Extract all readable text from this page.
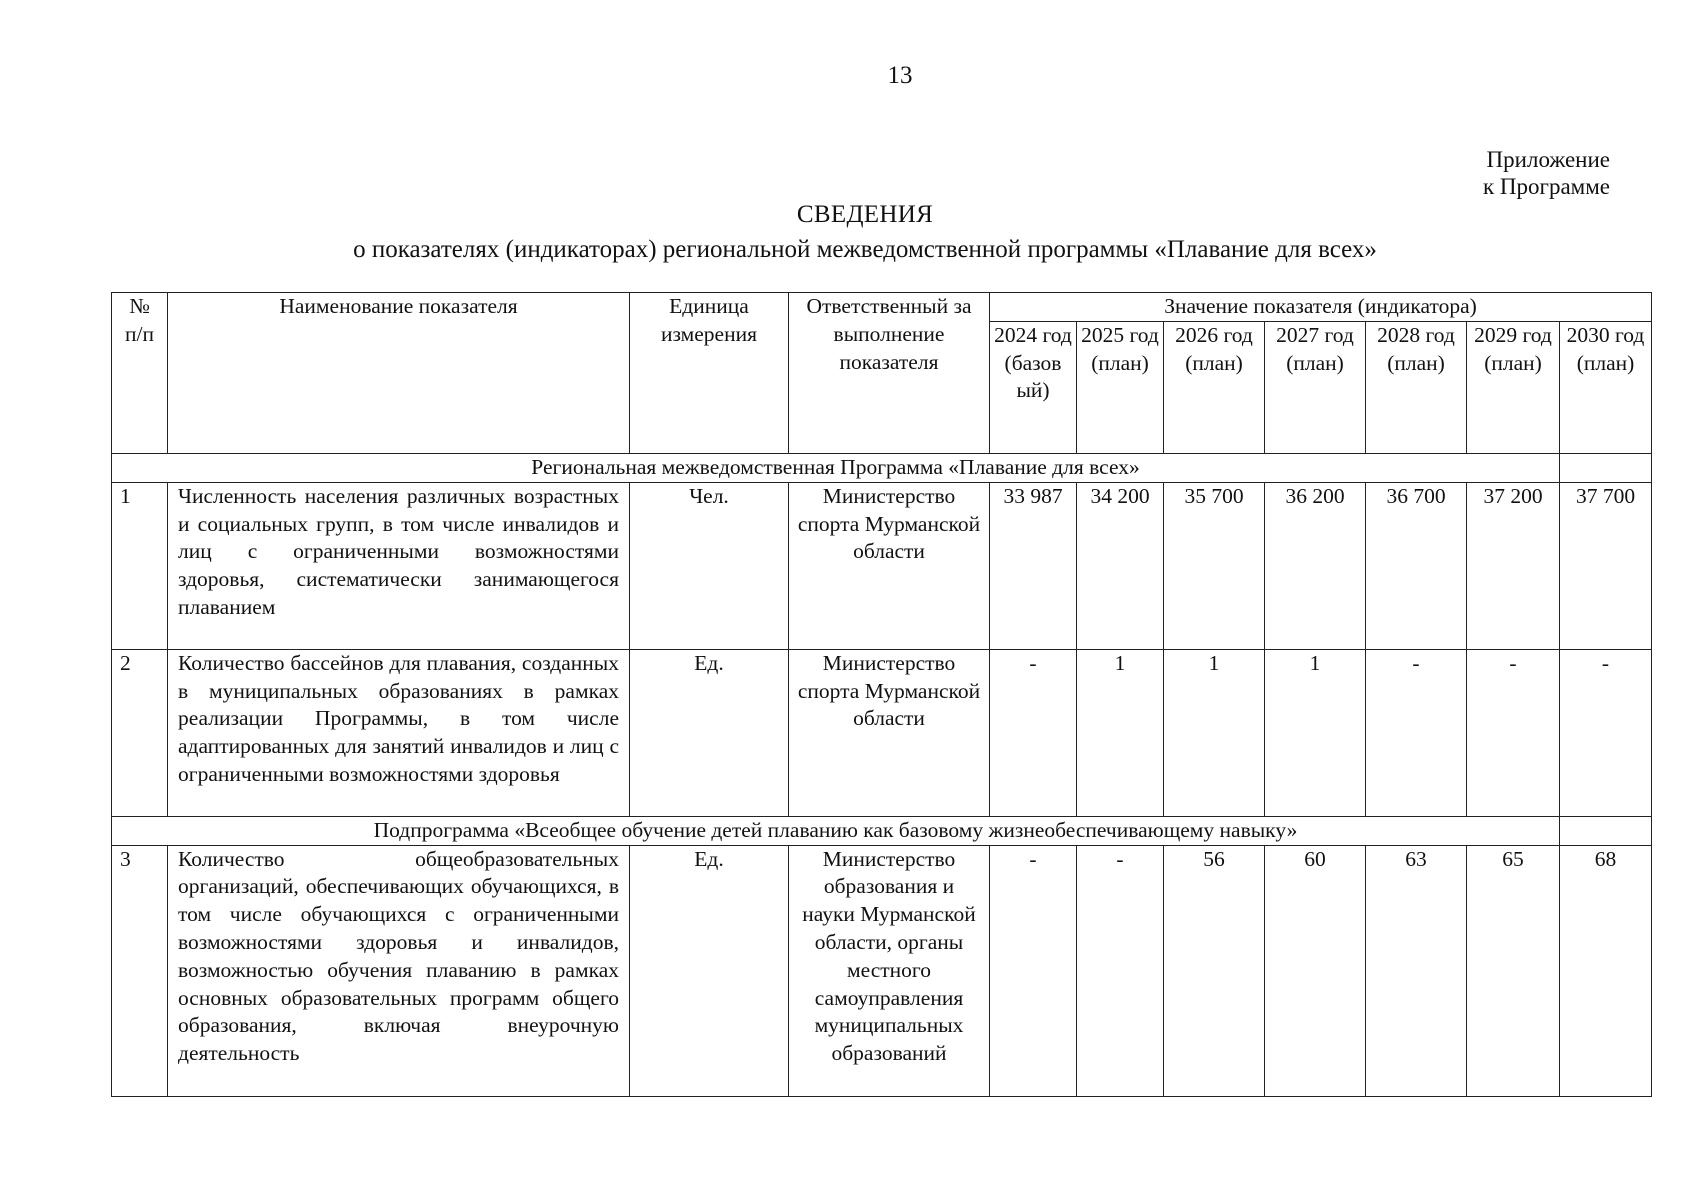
13
Приложение
к Программе
СВЕДЕНИЯ
о показателях (индикаторах) региональной межведомственной программы «Плавание для всех»
№ п/п	Наименование показателя	Единица измерения	Ответственный за выполнение показателя	Значение показателя (индикатора)						
				2024 год (базов ый)	2025 год (план)	2026 год (план)	2027 год (план)	2028 год (план)	2029 год (план)	2030 год (план)
Региональная межведомственная Программа «Плавание для всех»										
1	Численность населения различных возрастных и социальных групп, в том числе инвалидов и лиц с ограниченными возможностями здоровья, систематически занимающегося плаванием	Чел.	Министерство спорта Мурманской области	33 987	34 200	35 700	36 200	36 700	37 200	37 700
2	Количество бассейнов для плавания, созданных в муниципальных образованиях в рамках реализации Программы, в том числе адаптированных для занятий инвалидов и лиц с ограниченными возможностями здоровья	Ед.	Министерство спорта Мурманской области	-	1	1	1	-	-	-
Подпрограмма «Всеобщее обучение детей плаванию как базовому жизнеобеспечивающему навыку»										
3	Количество общеобразовательных организаций, обеспечивающих обучающихся, в том числе обучающихся с ограниченными возможностями здоровья и инвалидов, возможностью обучения плаванию в рамках основных образовательных программ общего образования, включая внеурочную деятельность	Ед.	Министерство образования и науки Мурманской области, органы местного самоуправления муниципальных образований	-	-	56	60	63	65	68
